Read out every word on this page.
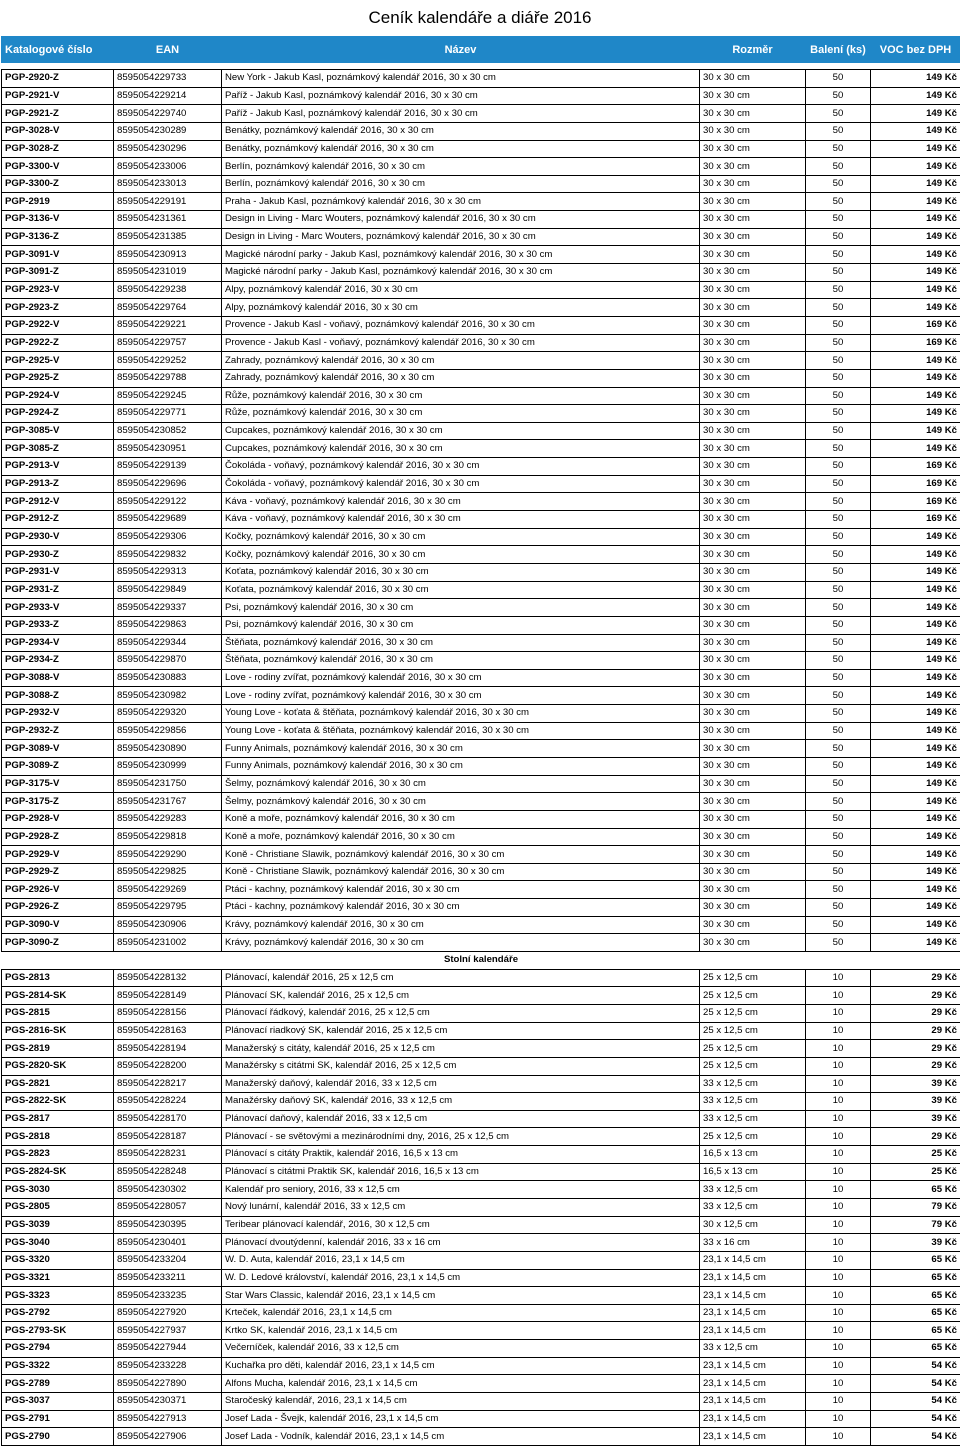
Ceník kalendáře a diáře 2016
Katalogové číslo	EAN	Název	Rozměr	Balení (ks)	VOC bez DPH

PGP-2920-Z	8595054229733	New York - Jakub Kasl, poznámkový kalendář 2016, 30 x 30 cm	30 x 30 cm	50	149 Kč
PGP-2921-V	8595054229214	Paříž - Jakub Kasl, poznámkový kalendář 2016, 30 x 30 cm	30 x 30 cm	50	149 Kč
PGP-2921-Z	8595054229740	Paříž - Jakub Kasl, poznámkový kalendář 2016, 30 x 30 cm	30 x 30 cm	50	149 Kč
PGP-3028-V	8595054230289	Benátky, poznámkový kalendář 2016, 30 x 30 cm	30 x 30 cm	50	149 Kč
PGP-3028-Z	8595054230296	Benátky, poznámkový kalendář 2016, 30 x 30 cm	30 x 30 cm	50	149 Kč
PGP-3300-V	8595054233006	Berlín, poznámkový kalendář 2016, 30 x 30 cm	30 x 30 cm	50	149 Kč
PGP-3300-Z	8595054233013	Berlín, poznámkový kalendář 2016, 30 x 30 cm	30 x 30 cm	50	149 Kč
PGP-2919	8595054229191	Praha - Jakub Kasl, poznámkový kalendář 2016, 30 x 30 cm	30 x 30 cm	50	149 Kč
PGP-3136-V	8595054231361	Design in Living - Marc Wouters, poznámkový kalendář 2016, 30 x 30 cm	30 x 30 cm	50	149 Kč
PGP-3136-Z	8595054231385	Design in Living - Marc Wouters, poznámkový kalendář 2016, 30 x 30 cm	30 x 30 cm	50	149 Kč
PGP-3091-V	8595054230913	Magické národní parky - Jakub Kasl, poznámkový kalendář 2016, 30 x 30 cm	30 x 30 cm	50	149 Kč
PGP-3091-Z	8595054231019	Magické národní parky - Jakub Kasl, poznámkový kalendář 2016, 30 x 30 cm	30 x 30 cm	50	149 Kč
PGP-2923-V	8595054229238	Alpy, poznámkový kalendář 2016, 30 x 30 cm	30 x 30 cm	50	149 Kč
PGP-2923-Z	8595054229764	Alpy, poznámkový kalendář 2016, 30 x 30 cm	30 x 30 cm	50	149 Kč
PGP-2922-V	8595054229221	Provence - Jakub Kasl - voňavý, poznámkový kalendář 2016, 30 x 30 cm	30 x 30 cm	50	169 Kč
PGP-2922-Z	8595054229757	Provence - Jakub Kasl - voňavý, poznámkový kalendář 2016, 30 x 30 cm	30 x 30 cm	50	169 Kč
PGP-2925-V	8595054229252	Zahrady, poznámkový kalendář 2016, 30 x 30 cm	30 x 30 cm	50	149 Kč
PGP-2925-Z	8595054229788	Zahrady, poznámkový kalendář 2016, 30 x 30 cm	30 x 30 cm	50	149 Kč
PGP-2924-V	8595054229245	Růže, poznámkový kalendář 2016, 30 x 30 cm	30 x 30 cm	50	149 Kč
PGP-2924-Z	8595054229771	Růže, poznámkový kalendář 2016, 30 x 30 cm	30 x 30 cm	50	149 Kč
PGP-3085-V	8595054230852	Cupcakes, poznámkový kalendář 2016, 30 x 30 cm	30 x 30 cm	50	149 Kč
PGP-3085-Z	8595054230951	Cupcakes, poznámkový kalendář 2016, 30 x 30 cm	30 x 30 cm	50	149 Kč
PGP-2913-V	8595054229139	Čokoláda - voňavý, poznámkový kalendář 2016, 30 x 30 cm	30 x 30 cm	50	169 Kč
PGP-2913-Z	8595054229696	Čokoláda - voňavý, poznámkový kalendář 2016, 30 x 30 cm	30 x 30 cm	50	169 Kč
PGP-2912-V	8595054229122	Káva - voňavý, poznámkový kalendář 2016, 30 x 30 cm	30 x 30 cm	50	169 Kč
PGP-2912-Z	8595054229689	Káva - voňavý, poznámkový kalendář 2016, 30 x 30 cm	30 x 30 cm	50	169 Kč
PGP-2930-V	8595054229306	Kočky, poznámkový kalendář 2016, 30 x 30 cm	30 x 30 cm	50	149 Kč
PGP-2930-Z	8595054229832	Kočky, poznámkový kalendář 2016, 30 x 30 cm	30 x 30 cm	50	149 Kč
PGP-2931-V	8595054229313	Koťata, poznámkový kalendář 2016, 30 x 30 cm	30 x 30 cm	50	149 Kč
PGP-2931-Z	8595054229849	Koťata, poznámkový kalendář 2016, 30 x 30 cm	30 x 30 cm	50	149 Kč
PGP-2933-V	8595054229337	Psi, poznámkový kalendář 2016, 30 x 30 cm	30 x 30 cm	50	149 Kč
PGP-2933-Z	8595054229863	Psi, poznámkový kalendář 2016, 30 x 30 cm	30 x 30 cm	50	149 Kč
PGP-2934-V	8595054229344	Štěňata, poznámkový kalendář 2016, 30 x 30 cm	30 x 30 cm	50	149 Kč
PGP-2934-Z	8595054229870	Štěňata, poznámkový kalendář 2016, 30 x 30 cm	30 x 30 cm	50	149 Kč
PGP-3088-V	8595054230883	Love - rodiny zvířat, poznámkový kalendář 2016, 30 x 30 cm	30 x 30 cm	50	149 Kč
PGP-3088-Z	8595054230982	Love - rodiny zvířat, poznámkový kalendář 2016, 30 x 30 cm	30 x 30 cm	50	149 Kč
PGP-2932-V	8595054229320	Young Love - koťata & štěňata, poznámkový kalendář 2016, 30 x 30 cm	30 x 30 cm	50	149 Kč
PGP-2932-Z	8595054229856	Young Love - koťata & štěňata, poznámkový kalendář 2016, 30 x 30 cm	30 x 30 cm	50	149 Kč
PGP-3089-V	8595054230890	Funny Animals, poznámkový kalendář 2016, 30 x 30 cm	30 x 30 cm	50	149 Kč
PGP-3089-Z	8595054230999	Funny Animals, poznámkový kalendář 2016, 30 x 30 cm	30 x 30 cm	50	149 Kč
PGP-3175-V	8595054231750	Šelmy, poznámkový kalendář 2016, 30 x 30 cm	30 x 30 cm	50	149 Kč
PGP-3175-Z	8595054231767	Šelmy, poznámkový kalendář 2016, 30 x 30 cm	30 x 30 cm	50	149 Kč
PGP-2928-V	8595054229283	Koně a moře, poznámkový kalendář 2016, 30 x 30 cm	30 x 30 cm	50	149 Kč
PGP-2928-Z	8595054229818	Koně a moře, poznámkový kalendář 2016, 30 x 30 cm	30 x 30 cm	50	149 Kč
PGP-2929-V	8595054229290	Koně - Christiane Slawik, poznámkový kalendář 2016, 30 x 30 cm	30 x 30 cm	50	149 Kč
PGP-2929-Z	8595054229825	Koně - Christiane Slawik, poznámkový kalendář 2016, 30 x 30 cm	30 x 30 cm	50	149 Kč
PGP-2926-V	8595054229269	Ptáci - kachny, poznámkový kalendář 2016, 30 x 30 cm	30 x 30 cm	50	149 Kč
PGP-2926-Z	8595054229795	Ptáci - kachny, poznámkový kalendář 2016, 30 x 30 cm	30 x 30 cm	50	149 Kč
PGP-3090-V	8595054230906	Krávy, poznámkový kalendář 2016, 30 x 30 cm	30 x 30 cm	50	149 Kč
PGP-3090-Z	8595054231002	Krávy, poznámkový kalendář 2016, 30 x 30 cm	30 x 30 cm	50	149 Kč
Stolní kalendáře					
PGS-2813	8595054228132	Plánovací, kalendář 2016, 25 x 12,5 cm	25 x 12,5 cm	10	29 Kč
PGS-2814-SK	8595054228149	Plánovací SK, kalendář 2016, 25 x 12,5 cm	25 x 12,5 cm	10	29 Kč
PGS-2815	8595054228156	Plánovací řádkový, kalendář 2016, 25 x 12,5 cm	25 x 12,5 cm	10	29 Kč
PGS-2816-SK	8595054228163	Plánovací riadkový SK, kalendář 2016, 25 x 12,5 cm	25 x 12,5 cm	10	29 Kč
PGS-2819	8595054228194	Manažerský s citáty, kalendář 2016, 25 x 12,5 cm	25 x 12,5 cm	10	29 Kč
PGS-2820-SK	8595054228200	Manažérsky s citátmi SK, kalendář 2016, 25 x 12,5 cm	25 x 12,5 cm	10	29 Kč
PGS-2821	8595054228217	Manažerský daňový, kalendář 2016, 33 x 12,5 cm	33 x 12,5 cm	10	39 Kč
PGS-2822-SK	8595054228224	Manažérsky daňový SK, kalendář 2016, 33 x 12,5 cm	33 x 12,5 cm	10	39 Kč
PGS-2817	8595054228170	Plánovací daňový, kalendář 2016, 33 x 12,5 cm	33 x 12,5 cm	10	39 Kč
PGS-2818	8595054228187	Plánovací - se světovými a mezinárodními dny, 2016, 25 x 12,5 cm	25 x 12,5 cm	10	29 Kč
PGS-2823	8595054228231	Plánovací s citáty Praktik, kalendář 2016, 16,5 x 13 cm	16,5 x 13 cm	10	25 Kč
PGS-2824-SK	8595054228248	Plánovací s citátmi Praktik SK, kalendář 2016, 16,5 x 13 cm	16,5 x 13 cm	10	25 Kč
PGS-3030	8595054230302	Kalendář pro seniory, 2016, 33 x 12,5 cm	33 x 12,5 cm	10	65 Kč
PGS-2805	8595054228057	Nový lunární, kalendář 2016, 33 x 12,5 cm	33 x 12,5 cm	10	79 Kč
PGS-3039	8595054230395	Teribear plánovací kalendář, 2016, 30 x 12,5 cm	30 x 12,5 cm	10	79 Kč
PGS-3040	8595054230401	Plánovací dvoutýdenní, kalendář 2016, 33 x 16 cm	33 x 16 cm	10	39 Kč
PGS-3320	8595054233204	W. D. Auta, kalendář 2016, 23,1 x 14,5 cm	23,1 x 14,5 cm	10	65 Kč
PGS-3321	8595054233211	W. D. Ledové království, kalendář 2016, 23,1 x 14,5 cm	23,1 x 14,5 cm	10	65 Kč
PGS-3323	8595054233235	Star Wars Classic, kalendář 2016, 23,1 x 14,5 cm	23,1 x 14,5 cm	10	65 Kč
PGS-2792	8595054227920	Krteček, kalendář 2016, 23,1 x 14,5 cm	23,1 x 14,5 cm	10	65 Kč
PGS-2793-SK	8595054227937	Krtko SK, kalendář 2016, 23,1 x 14,5 cm	23,1 x 14,5 cm	10	65 Kč
PGS-2794	8595054227944	Večerníček, kalendář 2016, 33 x 12,5 cm	33 x 12,5 cm	10	65 Kč
PGS-3322	8595054233228	Kuchařka pro děti, kalendář 2016, 23,1 x 14,5 cm	23,1 x 14,5 cm	10	54 Kč
PGS-2789	8595054227890	Alfons Mucha, kalendář 2016, 23,1 x 14,5 cm	23,1 x 14,5 cm	10	54 Kč
PGS-3037	8595054230371	Staročeský kalendář, 2016, 23,1 x 14,5 cm	23,1 x 14,5 cm	10	54 Kč
PGS-2791	8595054227913	Josef Lada - Švejk, kalendář 2016, 23,1 x 14,5 cm	23,1 x 14,5 cm	10	54 Kč
PGS-2790	8595054227906	Josef Lada - Vodník, kalendář 2016, 23,1 x 14,5 cm	23,1 x 14,5 cm	10	54 Kč
